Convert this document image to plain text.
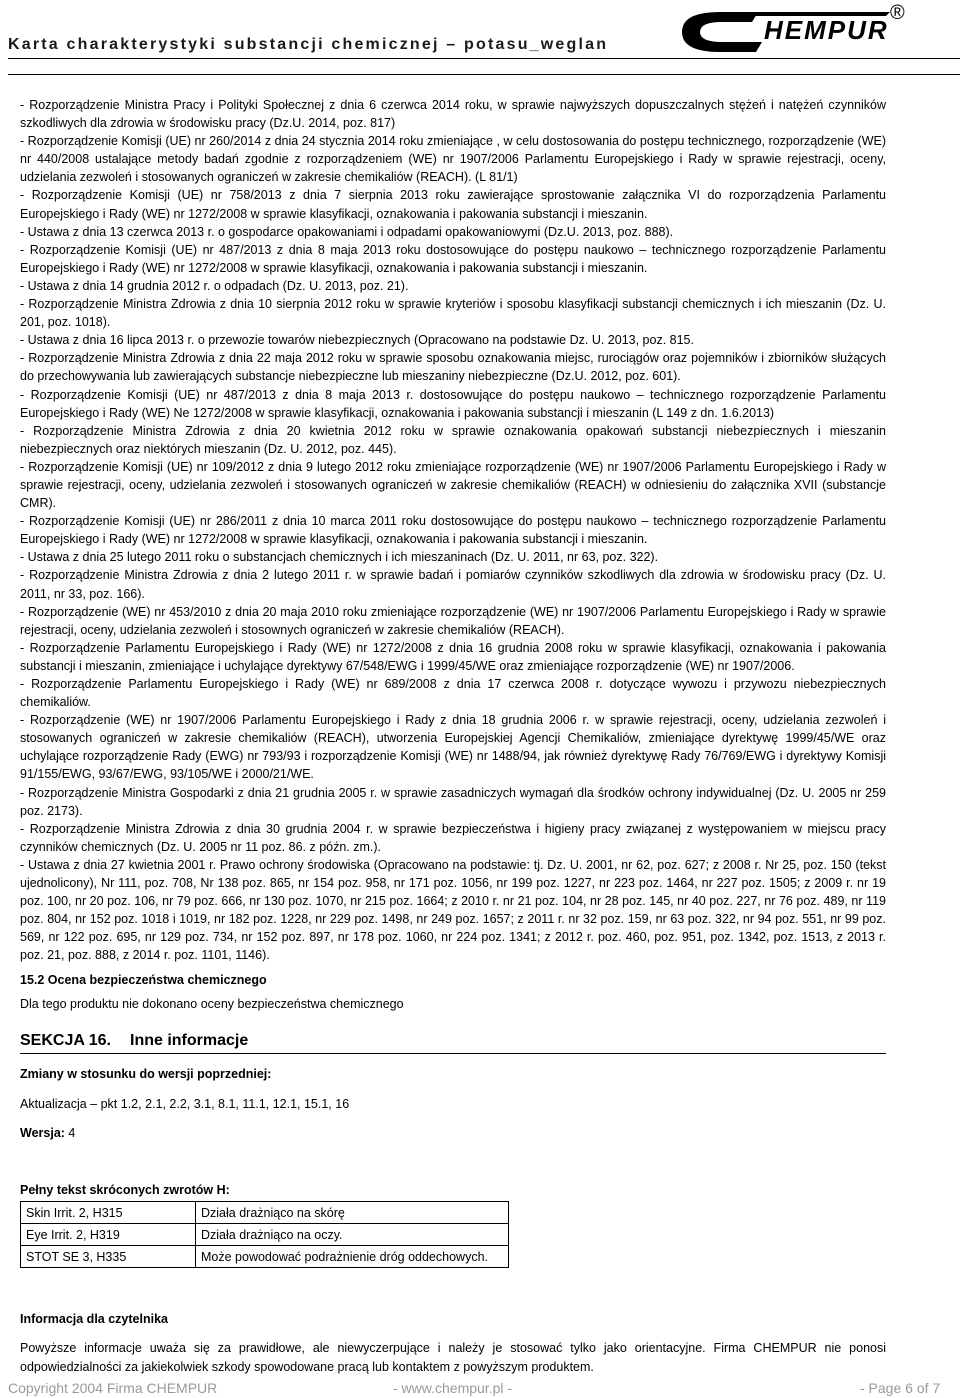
Karta charakterystyki substancji chemicznej – potasu_weglan	HEMPUR
®

- Rozporządzenie Ministra Pracy i Polityki Społecznej z dnia 6 czerwca 2014 roku, w sprawie najwyższych dopuszczalnych stężeń i natężeń czynników szkodliwych dla zdrowia w środowisku pracy (Dz.U. 2014, poz. 817)

- Rozporządzenie Komisji (UE) nr 260/2014 z dnia 24 stycznia 2014 roku zmieniające , w celu dostosowania do postępu technicznego, rozporządzenie (WE) nr 440/2008 ustalające metody badań zgodnie z rozporządzeniem (WE) nr 1907/2006 Parlamentu Europejskiego i Rady w sprawie rejestracji, oceny, udzielania zezwoleń i stosowanych ograniczeń w zakresie chemikaliów (REACH). (L 81/1)

- Rozporządzenie Komisji (UE) nr 758/2013 z dnia 7 sierpnia 2013 roku zawierające sprostowanie załącznika VI do rozporządzenia Parlamentu Europejskiego i Rady (WE) nr 1272/2008 w sprawie klasyfikacji, oznakowania i pakowania substancji i mieszanin.

- Ustawa z dnia 13 czerwca 2013 r. o gospodarce opakowaniami i odpadami opakowaniowymi (Dz.U. 2013, poz. 888).

- Rozporządzenie Komisji (UE) nr 487/2013 z dnia 8 maja 2013 roku dostosowujące do postępu naukowo – technicznego rozporządzenie Parlamentu Europejskiego i Rady (WE) nr 1272/2008 w sprawie klasyfikacji, oznakowania i pakowania substancji i mieszanin.

- Ustawa z dnia 14 grudnia 2012 r. o odpadach (Dz. U. 2013, poz. 21).

- Rozporządzenie Ministra Zdrowia z dnia 10 sierpnia 2012 roku w sprawie kryteriów i sposobu klasyfikacji substancji chemicznych i ich mieszanin (Dz. U. 201, poz. 1018).

- Ustawa z dnia 16 lipca 2013 r. o przewozie towarów niebezpiecznych (Opracowano na podstawie Dz. U. 2013, poz. 815.

- Rozporządzenie Ministra Zdrowia z dnia 22 maja 2012 roku w sprawie sposobu oznakowania miejsc, rurociągów oraz pojemników i zbiorników służących do przechowywania lub zawierających substancje niebezpieczne lub mieszaniny niebezpieczne (Dz.U. 2012, poz. 601).

- Rozporządzenie Komisji (UE) nr 487/2013 z dnia 8 maja 2013 r. dostosowujące do postępu naukowo – technicznego rozporządzenie Parlamentu Europejskiego i Rady (WE) Ne 1272/2008 w sprawie klasyfikacji, oznakowania i pakowania substancji i mieszanin (L 149 z dn. 1.6.2013)

- Rozporządzenie Ministra Zdrowia z dnia 20 kwietnia 2012 roku w sprawie oznakowania opakowań substancji niebezpiecznych i mieszanin niebezpiecznych oraz niektórych mieszanin (Dz. U. 2012, poz. 445).

- Rozporządzenie Komisji (UE) nr 109/2012 z dnia 9 lutego 2012 roku zmieniające rozporządzenie (WE) nr 1907/2006 Parlamentu Europejskiego i Rady w sprawie rejestracji, oceny, udzielania zezwoleń i stosowanych ograniczeń w zakresie chemikaliów (REACH) w odniesieniu do załącznika XVII (substancje CMR).

- Rozporządzenie Komisji (UE) nr 286/2011 z dnia 10 marca 2011 roku dostosowujące do postępu naukowo – technicznego rozporządzenie Parlamentu Europejskiego i Rady (WE) nr 1272/2008 w sprawie klasyfikacji, oznakowania i pakowania substancji i mieszanin.

- Ustawa z dnia 25 lutego 2011 roku o substancjach chemicznych i ich mieszaninach (Dz. U. 2011, nr 63, poz. 322).

- Rozporządzenie Ministra Zdrowia z dnia 2 lutego 2011 r. w sprawie badań i pomiarów czynników szkodliwych dla zdrowia w środowisku pracy (Dz. U. 2011, nr 33, poz. 166).

- Rozporządzenie (WE) nr 453/2010 z dnia 20 maja 2010 roku zmieniające rozporządzenie (WE) nr 1907/2006 Parlamentu Europejskiego i Rady w sprawie rejestracji, oceny, udzielania zezwoleń i stosownych ograniczeń w zakresie chemikaliów (REACH).

- Rozporządzenie Parlamentu Europejskiego i Rady (WE) nr 1272/2008 z dnia 16 grudnia 2008 roku w sprawie klasyfikacji, oznakowania i pakowania substancji i mieszanin, zmieniające i uchylające dyrektywy 67/548/EWG i 1999/45/WE oraz zmieniające rozporządzenie (WE) nr 1907/2006.

- Rozporządzenie Parlamentu Europejskiego i Rady (WE) nr 689/2008 z dnia 17 czerwca 2008 r. dotyczące wywozu i przywozu niebezpiecznych chemikaliów.

- Rozporządzenie (WE) nr 1907/2006 Parlamentu Europejskiego i Rady z dnia 18 grudnia 2006 r. w sprawie rejestracji, oceny, udzielania zezwoleń i stosowanych ograniczeń w zakresie chemikaliów (REACH), utworzenia Europejskiej Agencji Chemikaliów, zmieniające dyrektywę 1999/45/WE oraz uchylające rozporządzenie Rady (EWG) nr 793/93 i rozporządzenie Komisji (WE) nr 1488/94, jak również dyrektywę Rady 76/769/EWG i dyrektywy Komisji 91/155/EWG, 93/67/EWG, 93/105/WE i 2000/21/WE.

- Rozporządzenie Ministra Gospodarki z dnia 21 grudnia 2005 r. w sprawie zasadniczych wymagań dla środków ochrony indywidualnej (Dz. U. 2005 nr 259 poz. 2173).

- Rozporządzenie Ministra Zdrowia z dnia 30 grudnia 2004 r. w sprawie bezpieczeństwa i higieny pracy związanej z występowaniem w miejscu pracy czynników chemicznych (Dz. U. 2005 nr 11 poz. 86. z późn. zm.).

- Ustawa z dnia 27 kwietnia 2001 r. Prawo ochrony środowiska (Opracowano na podstawie: tj. Dz. U. 2001, nr 62, poz. 627; z 2008 r. Nr 25, poz. 150 (tekst ujednolicony), Nr 111, poz. 708, Nr 138 poz. 865, nr 154 poz. 958, nr 171 poz. 1056, nr 199 poz. 1227, nr 223 poz. 1464, nr 227 poz. 1505; z 2009 r. nr 19 poz. 100, nr 20 poz. 106, nr 79 poz. 666, nr 130 poz. 1070, nr 215 poz. 1664; z 2010 r. nr 21 poz. 104, nr 28 poz. 145, nr 40 poz. 227, nr 76 poz. 489, nr 119 poz. 804, nr 152 poz. 1018 i 1019, nr 182 poz. 1228, nr 229 poz. 1498, nr 249 poz. 1657; z 2011 r. nr 32 poz. 159, nr 63 poz. 322, nr 94 poz. 551, nr 99 poz. 569, nr 122 poz. 695, nr 129 poz. 734, nr 152 poz. 897, nr 178 poz. 1060, nr 224 poz. 1341; z 2012 r. poz. 460, poz. 951, poz. 1342, poz. 1513, z 2013 r. poz. 21, poz. 888, z 2014 r. poz. 1101, 1146).

15.2 Ocena bezpieczeństwa chemicznego

Dla tego produktu nie dokonano oceny bezpieczeństwa chemicznego

SEKCJA 16. Inne informacje
Zmiany w stosunku do wersji poprzedniej:
Aktualizacja – pkt 1.2, 2.1, 2.2, 3.1, 8.1, 11.1, 12.1, 15.1, 16
Wersja: 4
Pełny tekst skróconych zwrotów H:
Skin Irrit. 2, H315	Działa drażniąco na skórę
Eye Irrit. 2, H319	Działa drażniąco na oczy.
STOT SE 3, H335	Może powodować podrażnienie dróg oddechowych.
Informacja dla czytelnika
Powyższe informacje uważa się za prawidłowe, ale niewyczerpujące i należy je stosować tylko jako orientacyjne. Firma CHEMPUR nie ponosi odpowiedzialności za jakiekolwiek szkody spowodowane pracą lub kontaktem z powyższym produktem.
Copyright 2004 Firma CHEMPUR	- www.chempur.pl -	- Page 6 of 7
